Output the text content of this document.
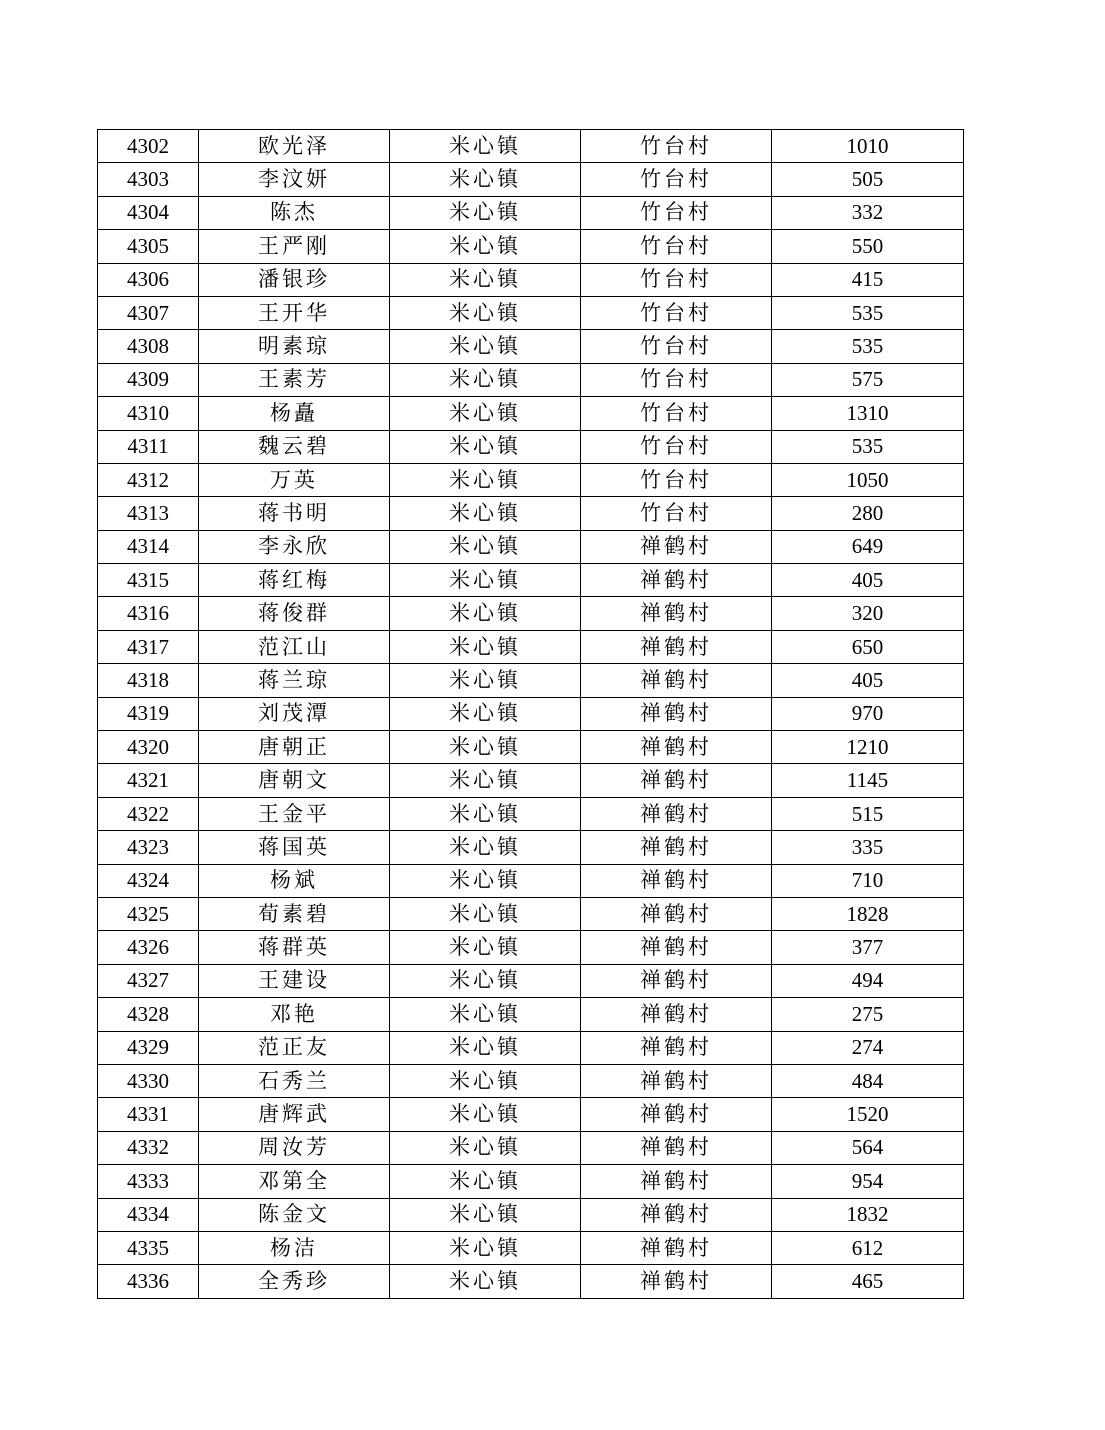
4302	欧光泽	米心镇	竹台村	1010
4303	李汶妍	米心镇	竹台村	505
4304	陈杰	米心镇	竹台村	332
4305	王严刚	米心镇	竹台村	550
4306	潘银珍	米心镇	竹台村	415
4307	王开华	米心镇	竹台村	535
4308	明素琼	米心镇	竹台村	535
4309	王素芳	米心镇	竹台村	575
4310	杨矗	米心镇	竹台村	1310
4311	魏云碧	米心镇	竹台村	535
4312	万英	米心镇	竹台村	1050
4313	蒋书明	米心镇	竹台村	280
4314	李永欣	米心镇	禅鹤村	649
4315	蒋红梅	米心镇	禅鹤村	405
4316	蒋俊群	米心镇	禅鹤村	320
4317	范江山	米心镇	禅鹤村	650
4318	蒋兰琼	米心镇	禅鹤村	405
4319	刘茂潭	米心镇	禅鹤村	970
4320	唐朝正	米心镇	禅鹤村	1210
4321	唐朝文	米心镇	禅鹤村	1145
4322	王金平	米心镇	禅鹤村	515
4323	蒋国英	米心镇	禅鹤村	335
4324	杨斌	米心镇	禅鹤村	710
4325	荀素碧	米心镇	禅鹤村	1828
4326	蒋群英	米心镇	禅鹤村	377
4327	王建设	米心镇	禅鹤村	494
4328	邓艳	米心镇	禅鹤村	275
4329	范正友	米心镇	禅鹤村	274
4330	石秀兰	米心镇	禅鹤村	484
4331	唐辉武	米心镇	禅鹤村	1520
4332	周汝芳	米心镇	禅鹤村	564
4333	邓第全	米心镇	禅鹤村	954
4334	陈金文	米心镇	禅鹤村	1832
4335	杨洁	米心镇	禅鹤村	612
4336	全秀珍	米心镇	禅鹤村	465
